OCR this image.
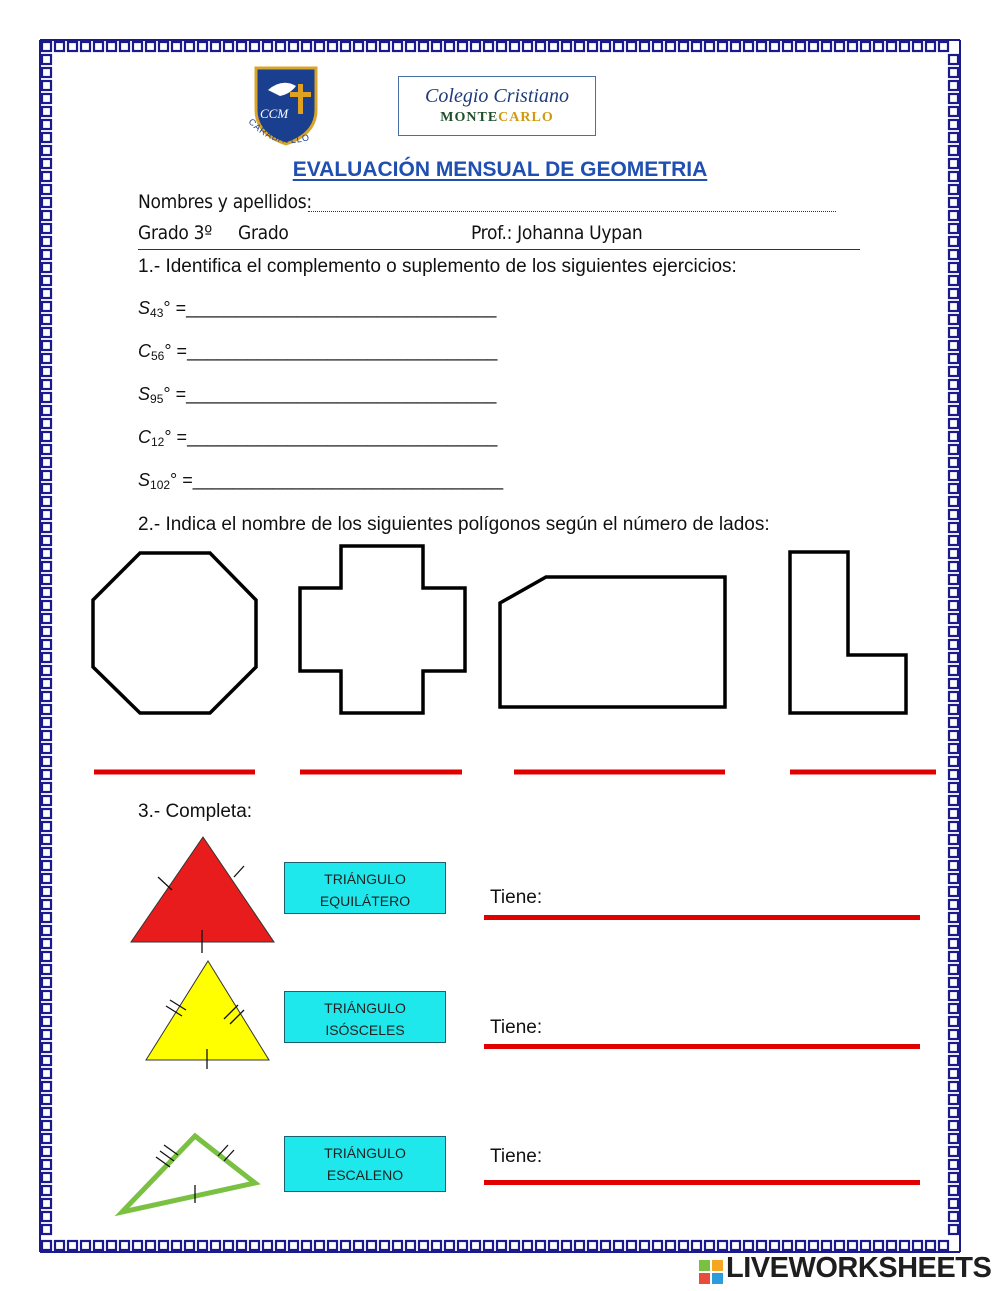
CCM
CARABAYLLO
Colegio Cristiano
MONTECARLO
EVALUACIÓN MENSUAL DE GEOMETRIA
Nombres y apellidos:
Grado 3º Grado	Prof.: Johanna Uypan
1.- Identifica el complemento o suplemento de los siguientes ejercicios:
$S_{43}^\circ$ =_______________________________
$C_{56}^\circ$ =_______________________________
$S_{95}^\circ$ =_______________________________
$C_{12}^\circ$ =_______________________________
$S_{102}^\circ$ =_______________________________
2.- Indica el nombre de los siguientes polígonos según el número de lados:
3.- Completa:
TRIÁNGULO
EQUILÁTERO
TRIÁNGULO
ISÓSCELES
TRIÁNGULO
ESCALENO
Tiene:
Tiene:
Tiene:
LIVEWORKSHEETS
